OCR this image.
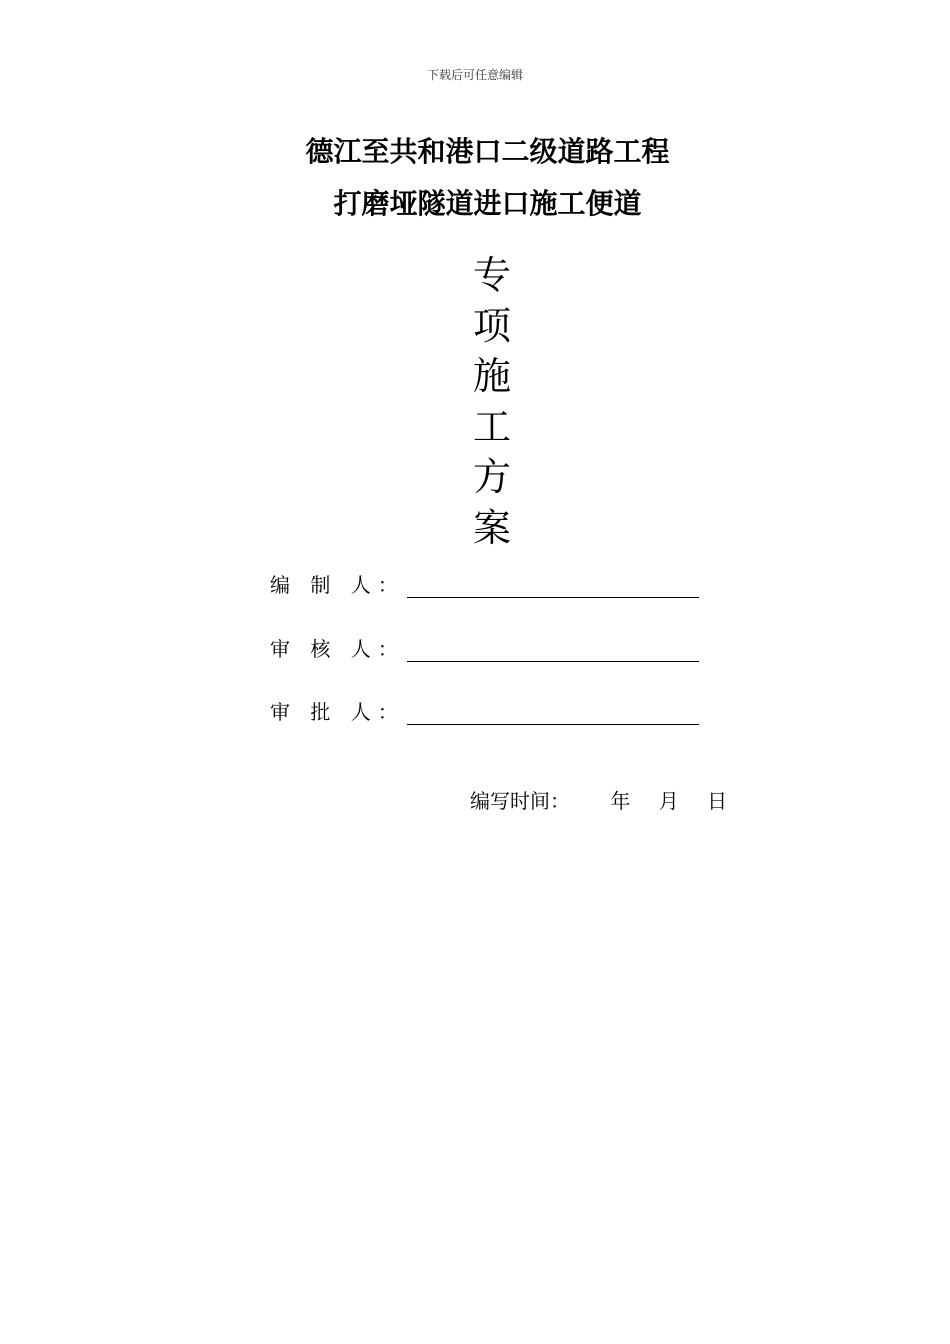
下载后可任意编辑
德江至共和港口二级道路工程
打磨垭隧道进口施工便道
专
项
施
工
方
案
编 制 人：
审 核 人：
审 批 人：
编写时间： 年 月 日
